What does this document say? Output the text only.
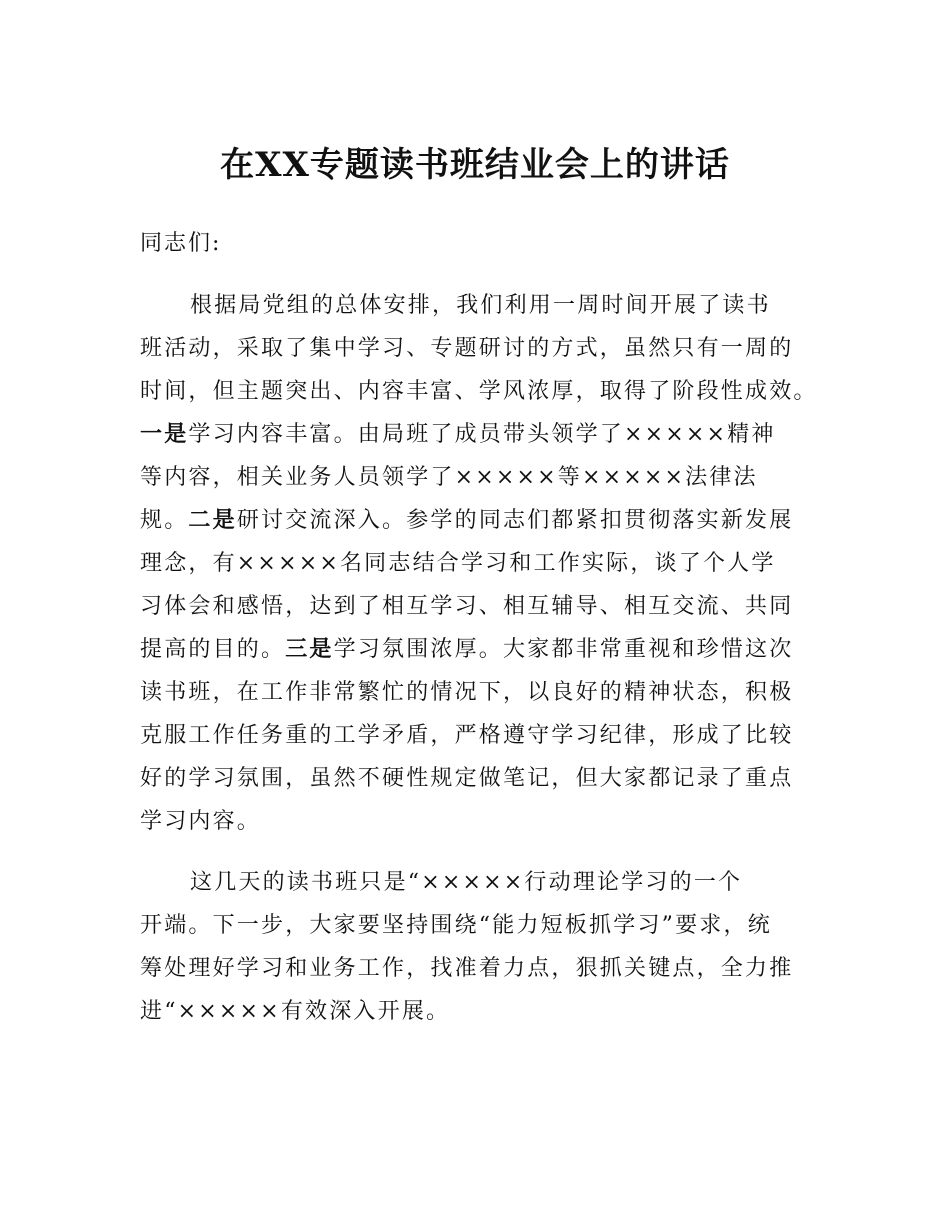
在XX专题读书班结业会上的讲话

同志们:

根据局党组的总体安排，我们利用一周时间开展了读书
班活动，采取了集中学习、专题研讨的方式，虽然只有一周的
时间，但主题突出、内容丰富、学风浓厚，取得了阶段性成效。
一是学习内容丰富。由局班了成员带头领学了×××××精神
等内容，相关业务人员领学了×××××等×××××法律法
规。二是研讨交流深入。参学的同志们都紧扣贯彻落实新发展
理念，有×××××名同志结合学习和工作实际，谈了个人学
习体会和感悟，达到了相互学习、相互辅导、相互交流、共同
提高的目的。三是学习氛围浓厚。大家都非常重视和珍惜这次
读书班，在工作非常繁忙的情况下，以良好的精神状态，积极
克服工作任务重的工学矛盾，严格遵守学习纪律，形成了比较
好的学习氛围，虽然不硬性规定做笔记，但大家都记录了重点
学习内容。
这几天的读书班只是“×××××行动理论学习的一个
开端。下一步，大家要坚持围绕“能力短板抓学习”要求，统
筹处理好学习和业务工作，找准着力点，狠抓关键点，全力推
进“×××××有效深入开展。
